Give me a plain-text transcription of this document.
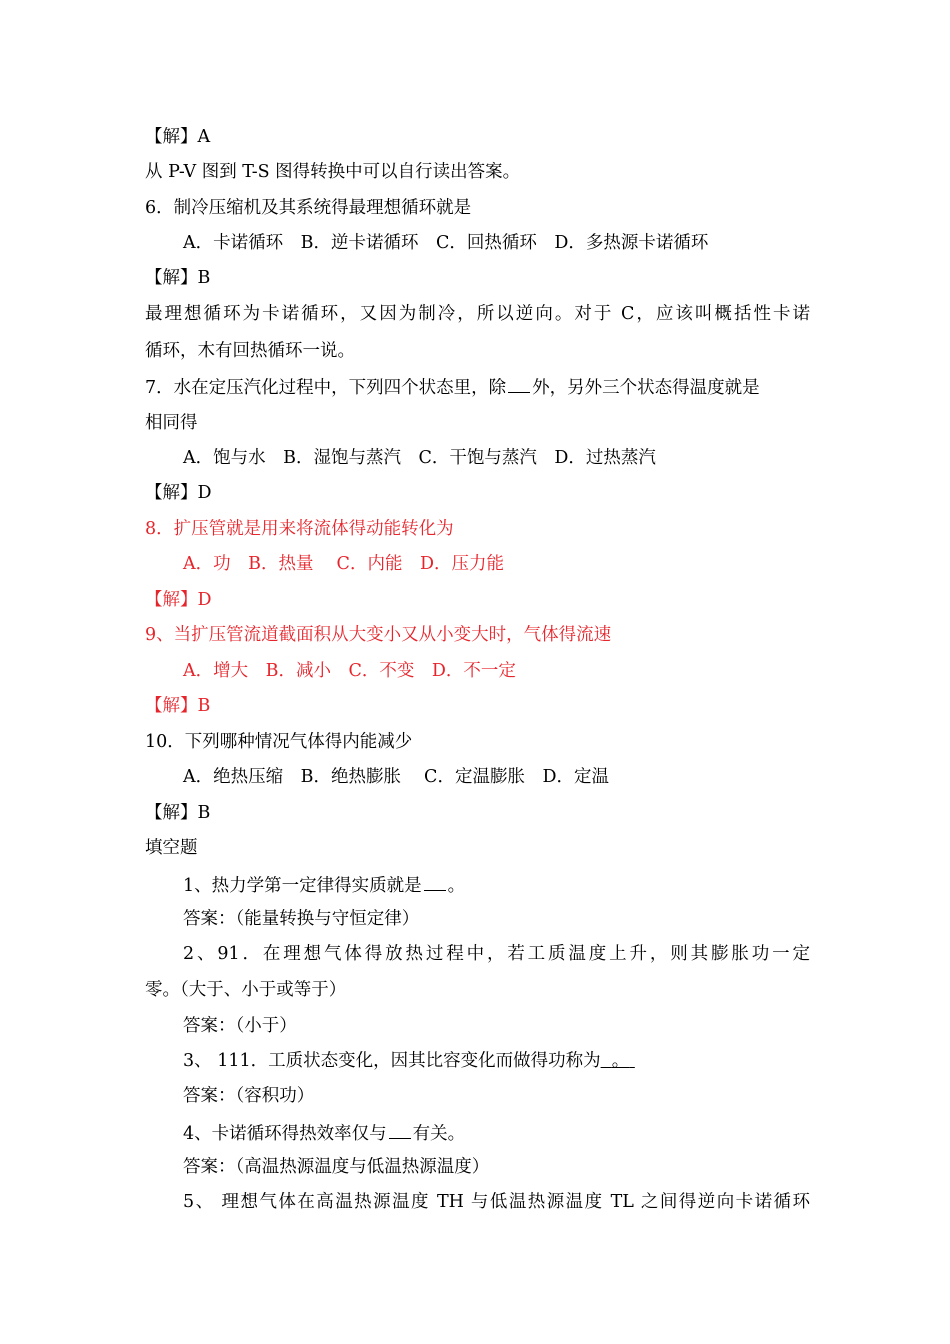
【解】A
从 P-V 图到 T-S 图得转换中可以自行读出答案。
6．制冷压缩机及其系统得最理想循环就是
A．卡诺循环　B．逆卡诺循环　C．回热循环　D．多热源卡诺循环
【解】B
最理想循环为卡诺循环，又因为制冷，所以逆向。对于 C，应该叫概括性卡诺
循环，木有回热循环一说。
7．水在定压汽化过程中，下列四个状态里，除 外，另外三个状态得温度就是
相同得
A．饱与水　B．湿饱与蒸汽　C．干饱与蒸汽　D．过热蒸汽
【解】D
8．扩压管就是用来将流体得动能转化为
A．功　B．热量　 C．内能　D．压力能
【解】D
9、当扩压管流道截面积从大变小又从小变大时，气体得流速
A．增大　B．减小　C．不变　D．不一定
【解】B
10．下列哪种情况气体得内能减少
A．绝热压缩　B．绝热膨胀　 C．定温膨胀　D．定温
【解】B
填空题
1、热力学第一定律得实质就是 。
答案：（能量转换与守恒定律）
2、91．在理想气体得放热过程中，若工质温度上升，则其膨胀功一定
零。（大于、小于或等于）
答案：（小于）
3、 111．工质状态变化，因其比容变化而做得功称为 。
答案：（容积功）
4、卡诺循环得热效率仅与 有关。
答案：（高温热源温度与低温热源温度）
5、 理想气体在高温热源温度 TH 与低温热源温度 TL 之间得逆向卡诺循环
